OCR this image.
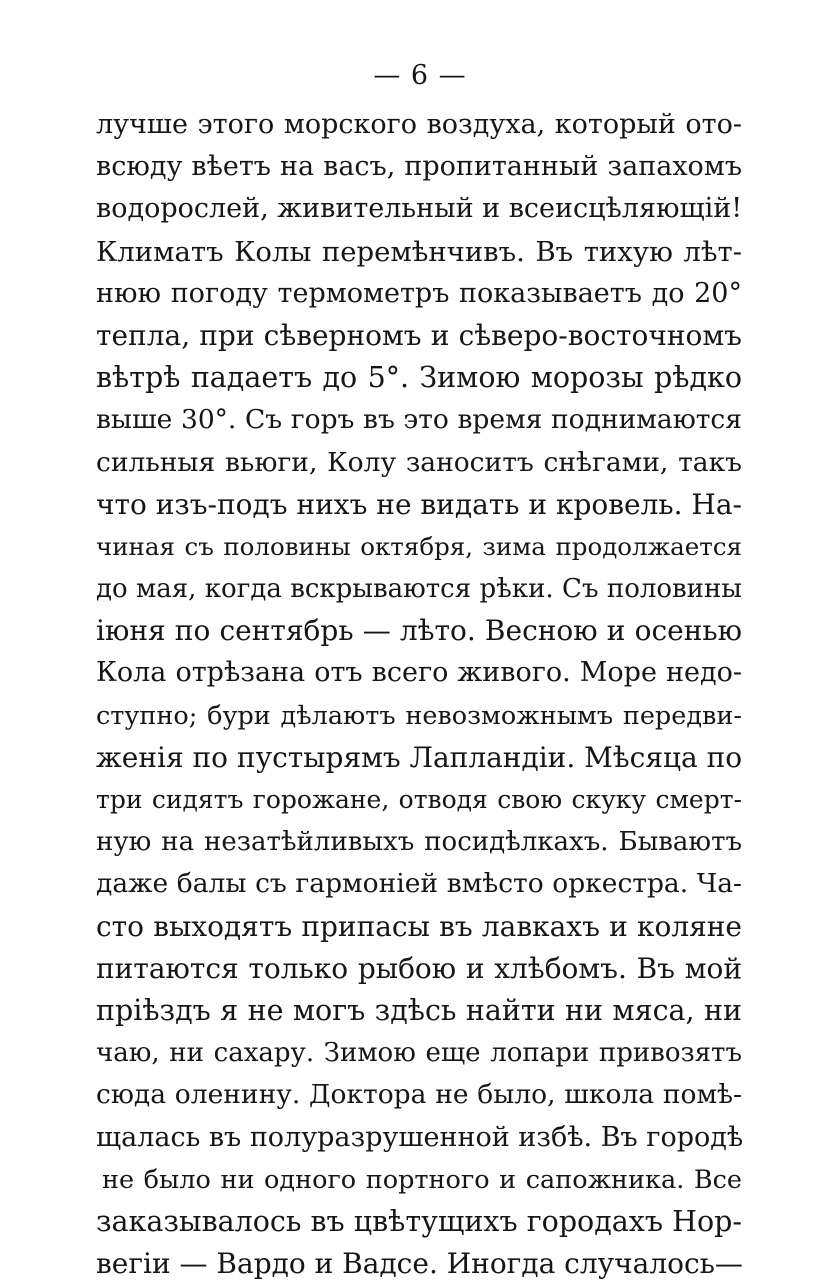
— 6 —
лучше этого морского воздуха, который ото-
всюду вѣетъ на васъ, пропитанный запахомъ
водорослей, живительный и всеисцѣляющій!
Климатъ Колы перемѣнчивъ. Въ тихую лѣт-
нюю погоду термометръ показываетъ до 20°
тепла, при сѣверномъ и сѣверо-восточномъ
вѣтрѣ падаетъ до 5°. Зимою морозы рѣдко
выше 30°. Съ горъ въ это время поднимаются
сильныя вьюги, Колу заноситъ снѣгами, такъ
что изъ-подъ нихъ не видать и кровель. На-
чиная съ половины октября, зима продолжается
до мая, когда вскрываются рѣки. Съ половины
іюня по сентябрь — лѣто. Весною и осенью
Кола отрѣзана отъ всего живого. Море недо-
ступно; бури дѣлаютъ невозможнымъ передви-
женія по пустырямъ Лапландіи. Мѣсяца по
три сидятъ горожане, отводя свою скуку смерт-
ную на незатѣйливыхъ посидѣлкахъ. Бываютъ
даже балы съ гармоніей вмѣсто оркестра. Ча-
сто выходятъ припасы въ лавкахъ и коляне
питаются только рыбою и хлѣбомъ. Въ мой
пріѣздъ я не могъ здѣсь найти ни мяса, ни
чаю, ни сахару. Зимою еще лопари привозятъ
сюда оленину. Доктора не было, школа помѣ-
щалась въ полуразрушенной избѣ. Въ городѣ
не было ни одного портного и сапожника. Все
заказывалось въ цвѣтущихъ городахъ Нор-
вегіи — Вардо и Вадсе. Иногда случалось—
